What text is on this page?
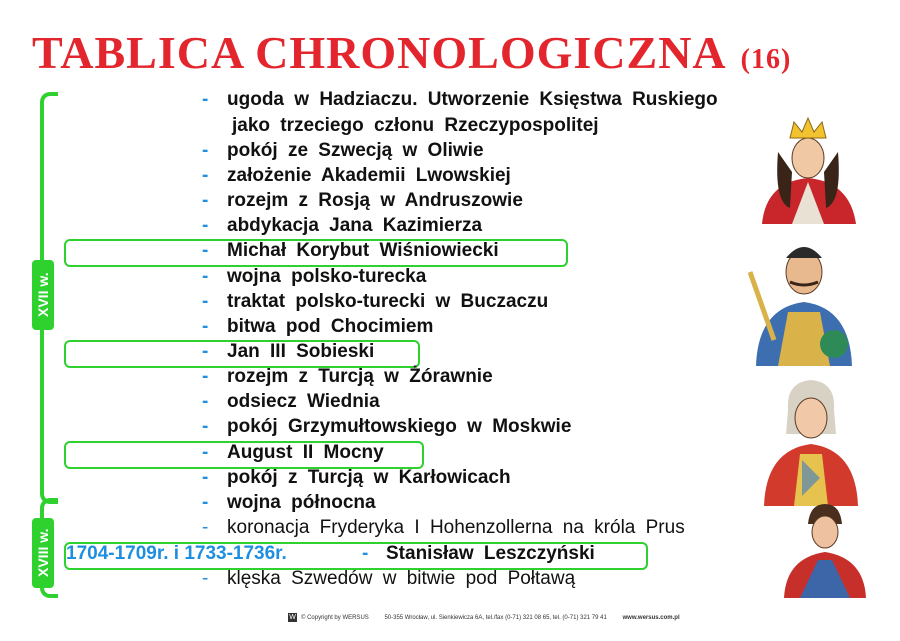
TABLICA CHRONOLOGICZNA (16)
XVII w.
XVIII w.
- ugoda w Hadziaczu. Utworzenie Księstwa Ruskiego
jako trzeciego członu Rzeczypospolitej
- pokój ze Szwecją w Oliwie
- założenie Akademii Lwowskiej
- rozejm z Rosją w Andruszowie
- abdykacja Jana Kazimierza
- Michał Korybut Wiśniowiecki
- wojna polsko-turecka
- traktat polsko-turecki w Buczaczu
- bitwa pod Chocimiem
- Jan III Sobieski
- rozejm z Turcją w Żórawnie
- odsiecz Wiednia
- pokój Grzymułtowskiego w Moskwie
- August II Mocny
- pokój z Turcją w Karłowicach
- wojna północna
- koronacja Fryderyka I Hohenzollerna na króla Prus
1704-1709r. i 1733-1736r.	- Stanisław Leszczyński
- klęska Szwedów w bitwie pod Połtawą
W © Copyright by WERSUS	50-355 Wrocław, ul. Sienkiewicza 6A, tel./fax (0-71) 321 08 65, tel. (0-71) 321 79 41	www.wersus.com.pl
